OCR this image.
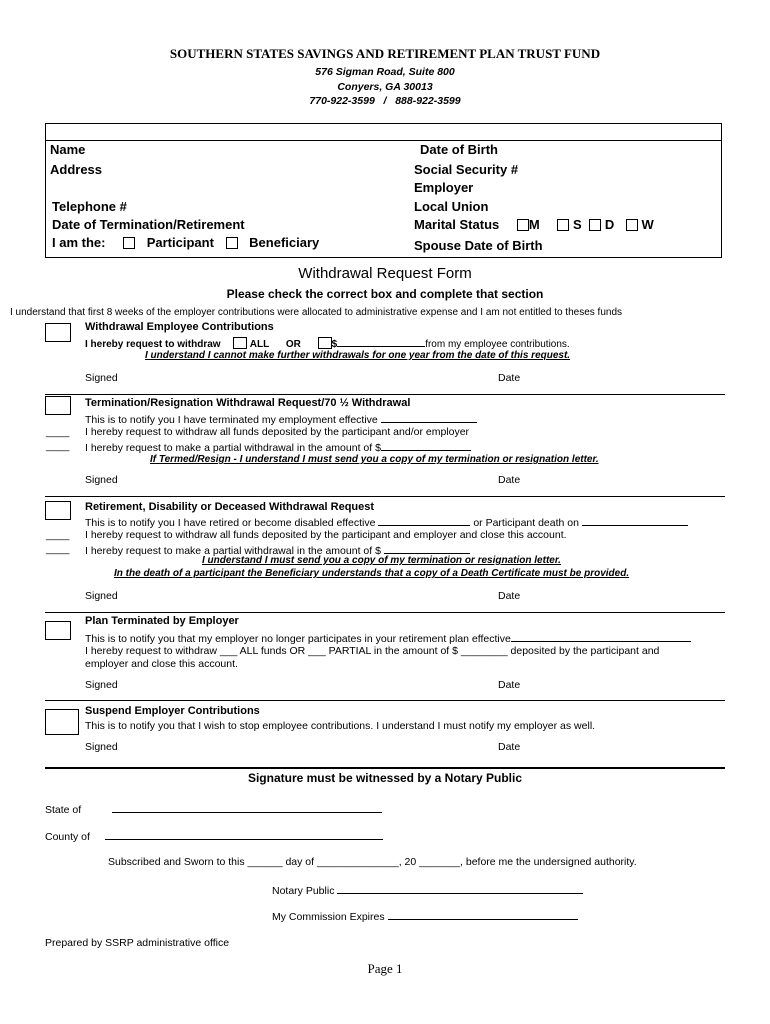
SOUTHERN STATES SAVINGS AND RETIREMENT PLAN TRUST FUND
576 Sigman Road, Suite 800
Conyers, GA 30013
770-922-3599   /   888-922-3599
Name	Date of Birth
Address	Social Security #
Employer
Telephone #	Local Union
Date of Termination/Retirement	Marital Status M	S D W
I am the:	Participant	Beneficiary	Spouse Date of Birth
Withdrawal Request Form
Please check the correct box and complete that section
I understand that first 8 weeks of the employer contributions were allocated to administrative expense and I am not entitled to theses funds
Withdrawal Employee Contributions
I hereby request to withdraw	ALL OR	$	from my employee contributions.
I understand I cannot make further withdrawals for one year from the date of this request.
Signed	Date
Termination/Resignation Withdrawal Request/70 ½ Withdrawal
This is to notify you I have terminated my employment effective
____ I hereby request to withdraw all funds deposited by the participant and/or employer
____ I hereby request to make a partial withdrawal in the amount of $
If Termed/Resign - I understand I must send you a copy of my termination or resignation letter.
Signed	Date
Retirement, Disability or Deceased Withdrawal Request
This is to notify you I have retired or become disabled effective	or Participant death on
____ I hereby request to withdraw all funds deposited by the participant and employer and close this account.
____ I hereby request to make a partial withdrawal in the amount of $
I understand I must send you a copy of my termination or resignation letter.
In the death of a participant the Beneficiary understands that a copy of a Death Certificate must be provided.
Signed	Date
Plan Terminated by Employer
This is to notify you that my employer no longer participates in your retirement plan effective
I hereby request to withdraw ___ ALL funds OR ___ PARTIAL in the amount of $ ________ deposited by the participant and
employer and close this account.
Signed	Date
Suspend Employer Contributions
This is to notify you that I wish to stop employee contributions. I understand I must notify my employer as well.
Signed	Date
Signature must be witnessed by a Notary Public
State of
County of
Subscribed and Sworn to this ______ day of ______________, 20 _______, before me the undersigned authority.
Notary Public
My Commission Expires
Prepared by SSRP administrative office
Page 1
